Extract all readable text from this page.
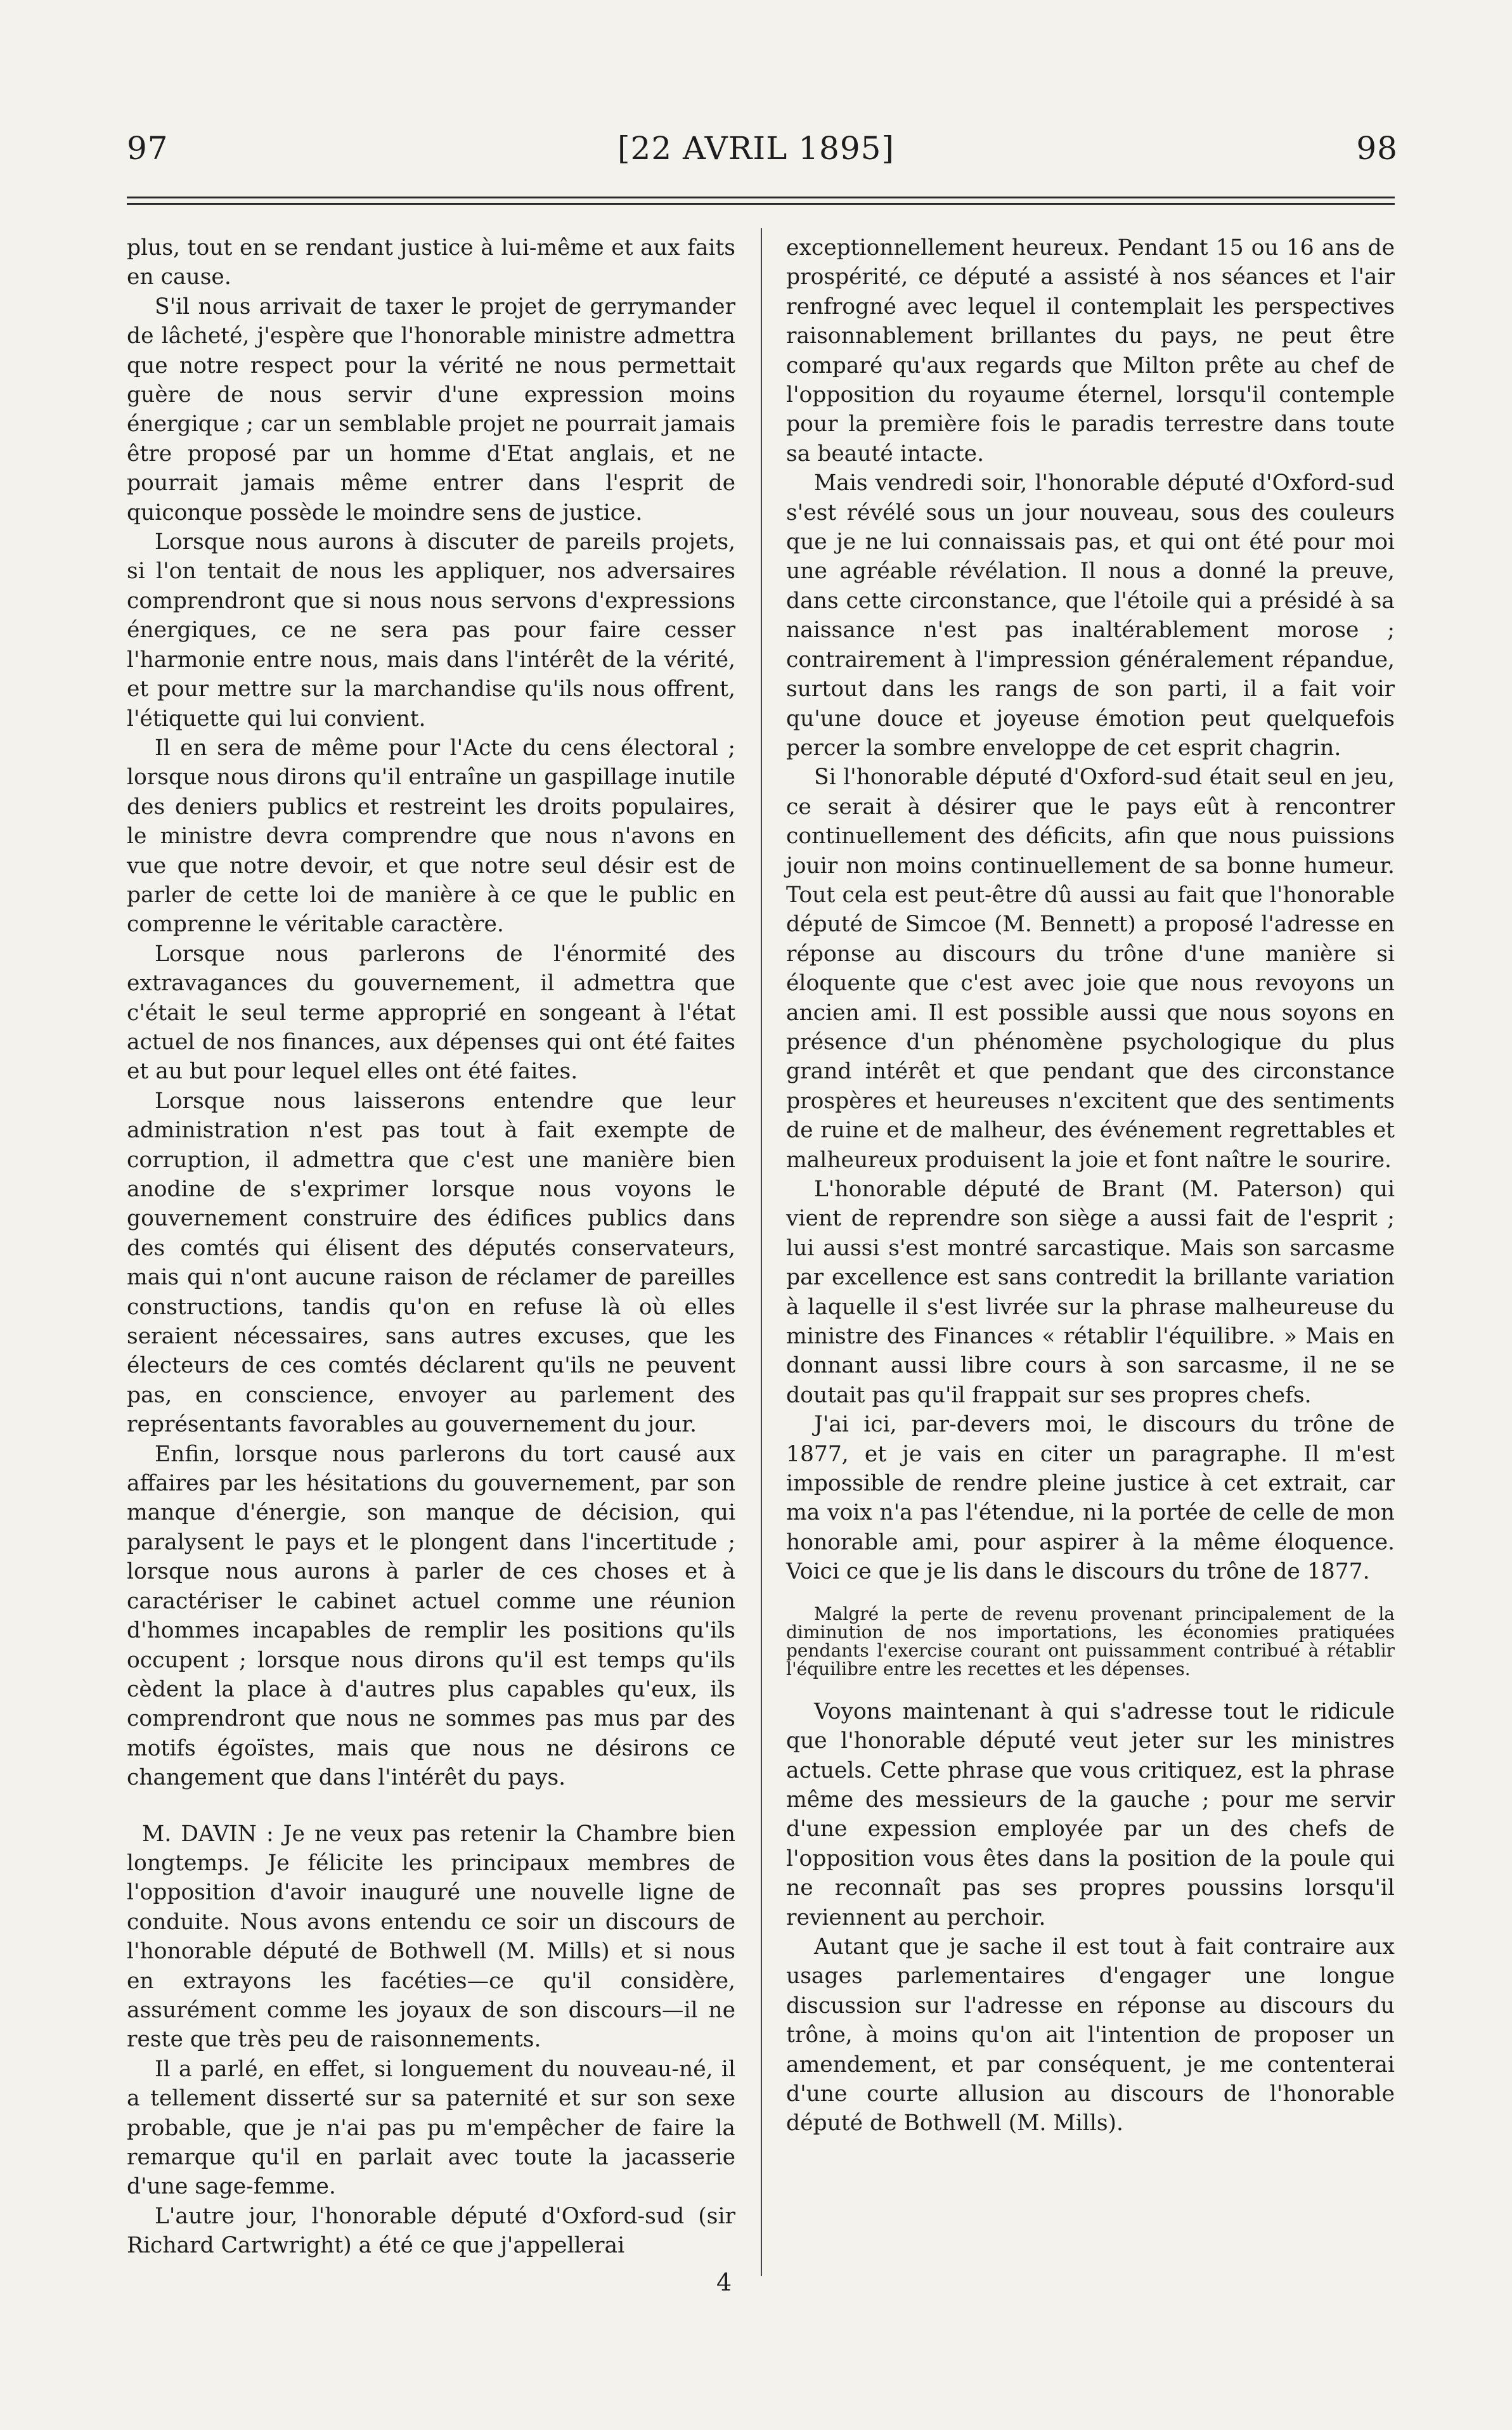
97	[22 AVRIL 1895]	98

plus, tout en se rendant justice à lui-même et aux faits en cause.

S'il nous arrivait de taxer le projet de gerrymander de lâcheté, j'espère que l'honorable ministre admettra que notre respect pour la vérité ne nous permettait guère de nous servir d'une expression moins énergique ; car un semblable projet ne pourrait jamais être proposé par un homme d'Etat anglais, et ne pourrait jamais même entrer dans l'esprit de quiconque possède le moindre sens de justice.

Lorsque nous aurons à discuter de pareils projets, si l'on tentait de nous les appliquer, nos adversaires comprendront que si nous nous servons d'expressions énergiques, ce ne sera pas pour faire cesser l'harmonie entre nous, mais dans l'intérêt de la vérité, et pour mettre sur la marchandise qu'ils nous offrent, l'étiquette qui lui convient.

Il en sera de même pour l'Acte du cens électoral ; lorsque nous dirons qu'il entraîne un gaspillage inutile des deniers publics et restreint les droits populaires, le ministre devra comprendre que nous n'avons en vue que notre devoir, et que notre seul désir est de parler de cette loi de manière à ce que le public en comprenne le véritable caractère.

Lorsque nous parlerons de l'énormité des extravagances du gouvernement, il admettra que c'était le seul terme approprié en songeant à l'état actuel de nos finances, aux dépenses qui ont été faites et au but pour lequel elles ont été faites.

Lorsque nous laisserons entendre que leur administration n'est pas tout à fait exempte de corruption, il admettra que c'est une manière bien anodine de s'exprimer lorsque nous voyons le gouvernement construire des édifices publics dans des comtés qui élisent des députés conservateurs, mais qui n'ont aucune raison de réclamer de pareilles constructions, tandis qu'on en refuse là où elles seraient nécessaires, sans autres excuses, que les électeurs de ces comtés déclarent qu'ils ne peuvent pas, en conscience, envoyer au parlement des représentants favorables au gouvernement du jour.

Enfin, lorsque nous parlerons du tort causé aux affaires par les hésitations du gouvernement, par son manque d'énergie, son manque de décision, qui paralysent le pays et le plongent dans l'incertitude ; lorsque nous aurons à parler de ces choses et à caractériser le cabinet actuel comme une réunion d'hommes incapables de remplir les positions qu'ils occupent ; lorsque nous dirons qu'il est temps qu'ils cèdent la place à d'autres plus capables qu'eux, ils comprendront que nous ne sommes pas mus par des motifs égoïstes, mais que nous ne désirons ce changement que dans l'intérêt du pays.

M. DAVIN : Je ne veux pas retenir la Chambre bien longtemps. Je félicite les principaux membres de l'opposition d'avoir inauguré une nouvelle ligne de conduite. Nous avons entendu ce soir un discours de l'honorable député de Bothwell (M. Mills) et si nous en extrayons les facéties—ce qu'il considère, assurément comme les joyaux de son discours—il ne reste que très peu de raisonnements.

Il a parlé, en effet, si longuement du nouveau-né, il a tellement disserté sur sa paternité et sur son sexe probable, que je n'ai pas pu m'empêcher de faire la remarque qu'il en parlait avec toute la jacasserie d'une sage-femme.

L'autre jour, l'honorable député d'Oxford-sud (sir Richard Cartwright) a été ce que j'appellerai

exceptionnellement heureux. Pendant 15 ou 16 ans de prospérité, ce député a assisté à nos séances et l'air renfrogné avec lequel il contemplait les perspectives raisonnablement brillantes du pays, ne peut être comparé qu'aux regards que Milton prête au chef de l'opposition du royaume éternel, lorsqu'il contemple pour la première fois le paradis terrestre dans toute sa beauté intacte.

Mais vendredi soir, l'honorable député d'Oxford-sud s'est révélé sous un jour nouveau, sous des couleurs que je ne lui connaissais pas, et qui ont été pour moi une agréable révélation. Il nous a donné la preuve, dans cette circonstance, que l'étoile qui a présidé à sa naissance n'est pas inaltérablement morose ; contrairement à l'impression généralement répandue, surtout dans les rangs de son parti, il a fait voir qu'une douce et joyeuse émotion peut quelquefois percer la sombre enveloppe de cet esprit chagrin.

Si l'honorable député d'Oxford-sud était seul en jeu, ce serait à désirer que le pays eût à rencontrer continuellement des déficits, afin que nous puissions jouir non moins continuellement de sa bonne humeur. Tout cela est peut-être dû aussi au fait que l'honorable député de Simcoe (M. Bennett) a proposé l'adresse en réponse au discours du trône d'une manière si éloquente que c'est avec joie que nous revoyons un ancien ami. Il est possible aussi que nous soyons en présence d'un phénomène psychologique du plus grand intérêt et que pendant que des circonstance prospères et heureuses n'excitent que des sentiments de ruine et de malheur, des événement regrettables et malheureux produisent la joie et font naître le sourire.

L'honorable député de Brant (M. Paterson) qui vient de reprendre son siège a aussi fait de l'esprit ; lui aussi s'est montré sarcastique. Mais son sarcasme par excellence est sans contredit la brillante variation à laquelle il s'est livrée sur la phrase malheureuse du ministre des Finances « rétablir l'équilibre. » Mais en donnant aussi libre cours à son sarcasme, il ne se doutait pas qu'il frappait sur ses propres chefs.

J'ai ici, par-devers moi, le discours du trône de 1877, et je vais en citer un paragraphe. Il m'est impossible de rendre pleine justice à cet extrait, car ma voix n'a pas l'étendue, ni la portée de celle de mon honorable ami, pour aspirer à la même éloquence. Voici ce que je lis dans le discours du trône de 1877.

Malgré la perte de revenu provenant principalement de la diminution de nos importations, les économies pratiquées pendants l'exercise courant ont puissamment contribué à rétablir l'équilibre entre les recettes et les dépenses.

Voyons maintenant à qui s'adresse tout le ridicule que l'honorable député veut jeter sur les ministres actuels. Cette phrase que vous critiquez, est la phrase même des messieurs de la gauche ; pour me servir d'une expession employée par un des chefs de l'opposition vous êtes dans la position de la poule qui ne reconnaît pas ses propres poussins lorsqu'il reviennent au perchoir.

Autant que je sache il est tout à fait contraire aux usages parlementaires d'engager une longue discussion sur l'adresse en réponse au discours du trône, à moins qu'on ait l'intention de proposer un amendement, et par conséquent, je me contenterai d'une courte allusion au discours de l'honorable député de Bothwell (M. Mills).

4
